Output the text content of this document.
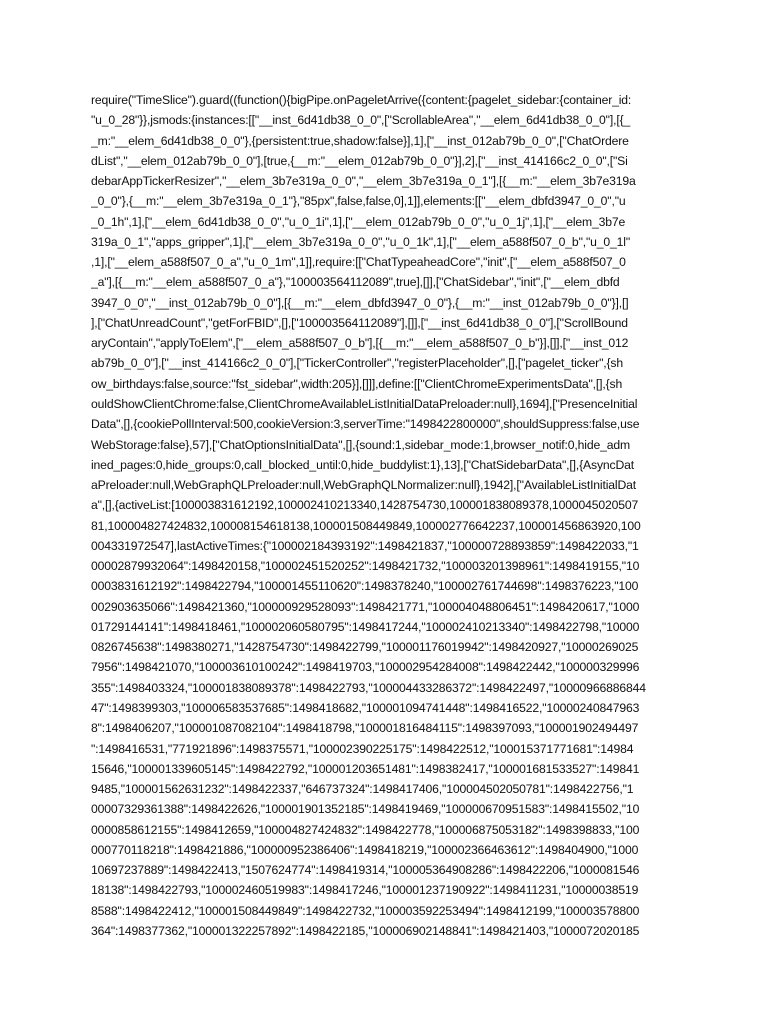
require("TimeSlice").guard((function(){bigPipe.onPageletArrive({content:{pagelet_sidebar:{container_id:
"u_0_28"}},jsmods:{instances:[["__inst_6d41db38_0_0",["ScrollableArea","__elem_6d41db38_0_0"],[{_
_m:"__elem_6d41db38_0_0"},{persistent:true,shadow:false}],1],["__inst_012ab79b_0_0",["ChatOrdere
dList","__elem_012ab79b_0_0"],[true,{__m:"__elem_012ab79b_0_0"}],2],["__inst_414166c2_0_0",["Si
debarAppTickerResizer","__elem_3b7e319a_0_0","__elem_3b7e319a_0_1"],[{__m:"__elem_3b7e319a
_0_0"},{__m:"__elem_3b7e319a_0_1"},"85px",false,false,0],1]],elements:[["__elem_dbfd3947_0_0","u
_0_1h",1],["__elem_6d41db38_0_0","u_0_1i",1],["__elem_012ab79b_0_0","u_0_1j",1],["__elem_3b7e
319a_0_1","apps_gripper",1],["__elem_3b7e319a_0_0","u_0_1k",1],["__elem_a588f507_0_b","u_0_1l"
,1],["__elem_a588f507_0_a","u_0_1m",1]],require:[["ChatTypeaheadCore","init",["__elem_a588f507_0
_a"],[{__m:"__elem_a588f507_0_a"},"100003564112089",true],[]],["ChatSidebar","init",["__elem_dbfd
3947_0_0","__inst_012ab79b_0_0"],[{__m:"__elem_dbfd3947_0_0"},{__m:"__inst_012ab79b_0_0"}],[]
],["ChatUnreadCount","getForFBID",[],["100003564112089"],[]],["__inst_6d41db38_0_0"],["ScrollBound
aryContain","applyToElem",["__elem_a588f507_0_b"],[{__m:"__elem_a588f507_0_b"}],[]],["__inst_012
ab79b_0_0"],["__inst_414166c2_0_0"],["TickerController","registerPlaceholder",[],["pagelet_ticker",{sh
ow_birthdays:false,source:"fst_sidebar",width:205}],[]]],define:[["ClientChromeExperimentsData",[],{sh
ouldShowClientChrome:false,ClientChromeAvailableListInitialDataPreloader:null},1694],["PresenceInitial
Data",[],{cookiePollInterval:500,cookieVersion:3,serverTime:"1498422800000",shouldSuppress:false,use
WebStorage:false},57],["ChatOptionsInitialData",[],{sound:1,sidebar_mode:1,browser_notif:0,hide_adm
ined_pages:0,hide_groups:0,call_blocked_until:0,hide_buddylist:1},13],["ChatSidebarData",[],{AsyncDat
aPreloader:null,WebGraphQLPreloader:null,WebGraphQLNormalizer:null},1942],["AvailableListInitialDat
a",[],{activeList:[100003831612192,100002410213340,1428754730,100001838089378,100004502050​7
81,100004827424832,100008154618138,100001508449849,100002776642237,100001456863920,100
004331972547],lastActiveTimes:{"100002184393192":1498421837,"100000728893859":1498422033,"1
00002879932064":1498420158,"100002451520252":1498421732,"100003201398961":1498419155,"10
0003831612192":1498422794,"100001455110620":1498378240,"100002761744698":1498376223,"100
002903635066":1498421360,"100000929528093":1498421771,"100004048806451":1498420617,"1000
01729144141":1498418461,"100002060580795":1498417244,"100002410213340":1498422798,"10000
0826745638":1498380271,"1428754730":1498422799,"100001176019942":1498420927,"10000269025
7956":1498421070,"100003610100242":1498419703,"100002954284008":1498422442,"100000329996
355":1498403324,"100001838089378":1498422793,"100004433286372":1498422497,"10000966886844
47":1498399303,"100006583537685":1498418682,"100001094741448":1498416522,"10000240847963
8":1498406207,"100001087082104":1498418798,"100001816484115":1498397093,"100001902494497
":1498416531,"771921896":1498375571,"100002390225175":1498422512,"100015371771681":14984
15646,"100001339605145":1498422792,"100001203651481":1498382417,"100001681533527":149841
9485,"100001562631232":1498422337,"646737324":1498417406,"100004502050781":1498422756,"1
00007329361388":1498422626,"100001901352185":1498419469,"100000670951583":1498415502,"10
0000858612155":1498412659,"100004827424832":1498422778,"100006875053182":1498398833,"100
000770118218":1498421886,"100000952386406":1498418219,"100002366463612":1498404900,"1000
10697237889":1498422413,"1507624774":1498419314,"100005364908286":1498422206,"1000081546
18138":1498422793,"100002460519983":1498417246,"100001237190922":1498411231,"10000038519
8588":1498422412,"100001508449849":1498422732,"100003592253494":1498412199,"10000357880​0
364":1498377362,"100001322257892":1498422185,"100006902148841":1498421403,"1000072020185
